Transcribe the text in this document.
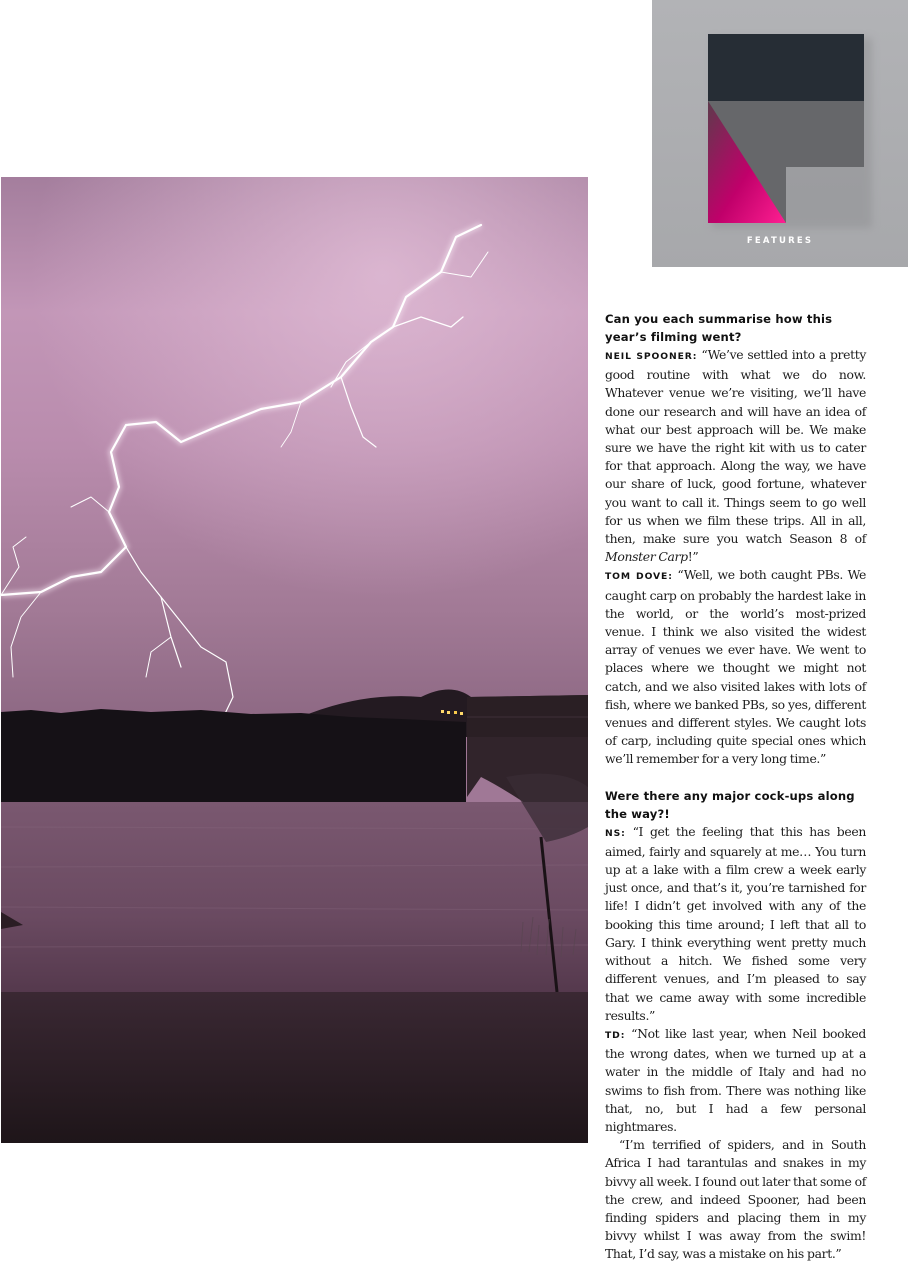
FEATURES

Can you each summarise how this year’s filming went?

NEIL SPOONER: “We’ve settled into a pretty good routine with what we do now. Whatever venue we’re visiting, we’ll have done our research and will have an idea of what our best approach will be. We make sure we have the right kit with us to cater for that approach. Along the way, we have our share of luck, good fortune, whatever you want to call it. Things seem to go well for us when we film these trips. All in all, then, make sure you watch Season 8 of Monster Carp!”

TOM DOVE: “Well, we both caught PBs. We caught carp on probably the hardest lake in the world, or the world’s most-prized venue. I think we also visited the widest array of venues we ever have. We went to places where we thought we might not catch, and we also visited lakes with lots of fish, where we banked PBs, so yes, different venues and different styles. We caught lots of carp, including quite special ones which we’ll remember for a very long time.”

Were there any major cock-ups along the way?!

NS: “I get the feeling that this has been aimed, fairly and squarely at me… You turn up at a lake with a film crew a week early just once, and that’s it, you’re tarnished for life! I didn’t get involved with any of the booking this time around; I left that all to Gary. I think everything went pretty much without a hitch. We fished some very different venues, and I’m pleased to say that we came away with some incredible results.”

TD: “Not like last year, when Neil booked the wrong dates, when we turned up at a water in the middle of Italy and had no swims to fish from. There was nothing like that, no, but I had a few personal nightmares.

“I’m terrified of spiders, and in South Africa I had tarantulas and snakes in my bivvy all week. I found out later that some of the crew, and indeed Spooner, had been finding spiders and placing them in my bivvy whilst I was away from the swim! That, I’d say, was a mistake on his part.”
